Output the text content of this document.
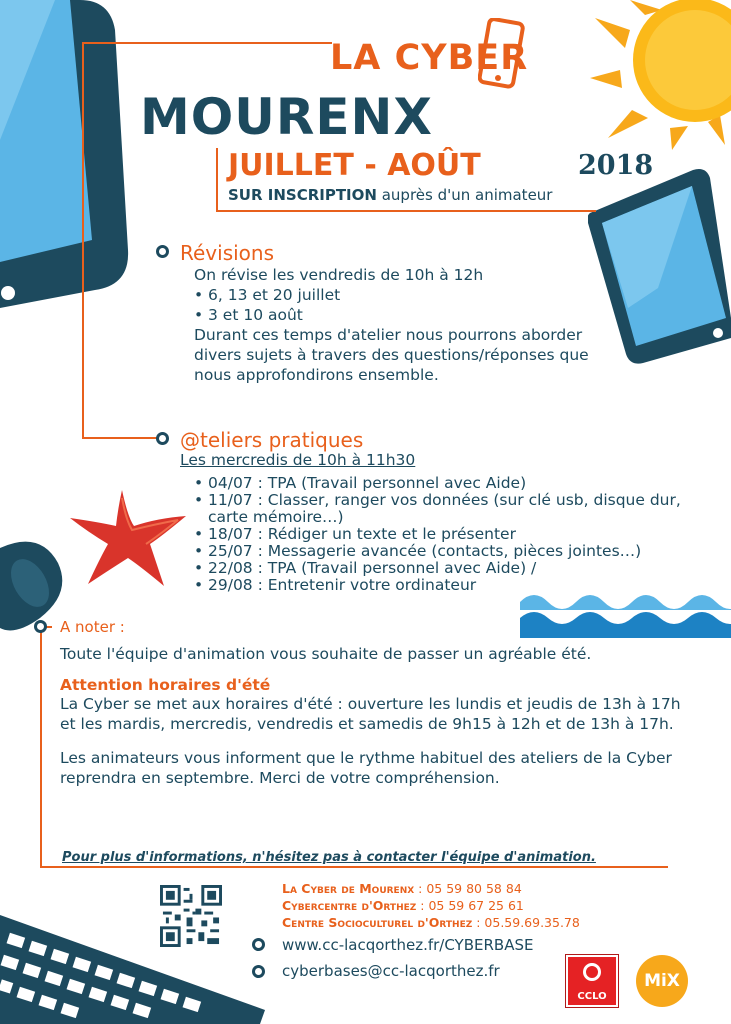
LA CYBER
MOURENX
JUILLET - AOÛT	2018
SUR INSCRIPTION auprès d'un animateur
Révisions
On révise les vendredis de 10h à 12h
• 6, 13 et 20 juillet
• 3 et 10 août
Durant ces temps d'atelier nous pourrons aborder divers sujets à travers des questions/réponses que nous approfondirons ensemble.
@teliers pratiques
Les mercredis de 10h à 11h30
• 04/07 : TPA (Travail personnel avec Aide)
• 11/07 : Classer, ranger vos données (sur clé usb, disque dur, carte mémoire…)
• 18/07 : Rédiger un texte et le présenter
• 25/07 : Messagerie avancée (contacts, pièces jointes…)
• 22/08 : TPA (Travail personnel avec Aide) /
• 29/08 : Entretenir votre ordinateur
A noter :
Toute l'équipe d'animation vous souhaite de passer un agréable été.
Attention horaires d'été
La Cyber se met aux horaires d'été : ouverture les lundis et jeudis de 13h à 17h et les mardis, mercredis, vendredis et samedis de 9h15 à 12h et de 13h à 17h.
Les animateurs vous informent que le rythme habituel des ateliers de la Cyber reprendra en septembre. Merci de votre compréhension.
Pour plus d'informations, n'hésitez pas à contacter l'équipe d'animation.
La Cyber de Mourenx : 05 59 80 58 84
Cybercentre d'Orthez : 05 59 67 25 61
Centre Socioculturel d'Orthez : 05.59.69.35.78
www.cc-lacqorthez.fr/CYBERBASE
cyberbases@cc-lacqorthez.fr
CCLO
MiX
